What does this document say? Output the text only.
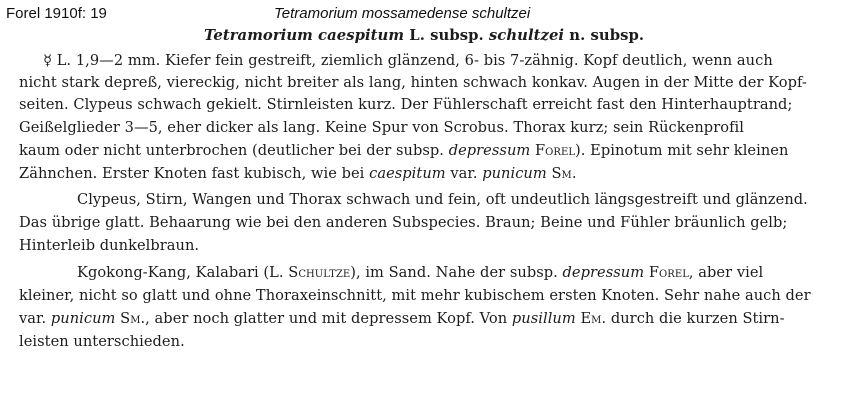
Forel 1910f: 19	Tetramorium mossamedense schultzei
Tetramorium caespitum L. subsp. schultzei n. subsp.
☿ L. 1,9—2 mm. Kiefer fein gestreift, ziemlich glänzend, 6- bis 7-zähnig. Kopf deutlich, wenn auch
nicht stark depreß, viereckig, nicht breiter als lang, hinten schwach konkav. Augen in der Mitte der Kopf-
seiten. Clypeus schwach gekielt. Stirnleisten kurz. Der Fühlerschaft erreicht fast den Hinterhauptrand;
Geißelglieder 3—5, eher dicker als lang. Keine Spur von Scrobus. Thorax kurz; sein Rückenprofil
kaum oder nicht unterbrochen (deutlicher bei der subsp. depressum Forel). Epinotum mit sehr kleinen
Zähnchen. Erster Knoten fast kubisch, wie bei caespitum var. punicum Sm.
Clypeus, Stirn, Wangen und Thorax schwach und fein, oft undeutlich längsgestreift und glänzend.
Das übrige glatt. Behaarung wie bei den anderen Subspecies. Braun; Beine und Fühler bräunlich gelb;
Hinterleib dunkelbraun.
Kgokong-Kang, Kalabari (L. Schultze), im Sand. Nahe der subsp. depressum Forel, aber viel
kleiner, nicht so glatt und ohne Thoraxeinschnitt, mit mehr kubischem ersten Knoten. Sehr nahe auch der
var. punicum Sm., aber noch glatter und mit depressem Kopf. Von pusillum Em. durch die kurzen Stirn-
leisten unterschieden.
